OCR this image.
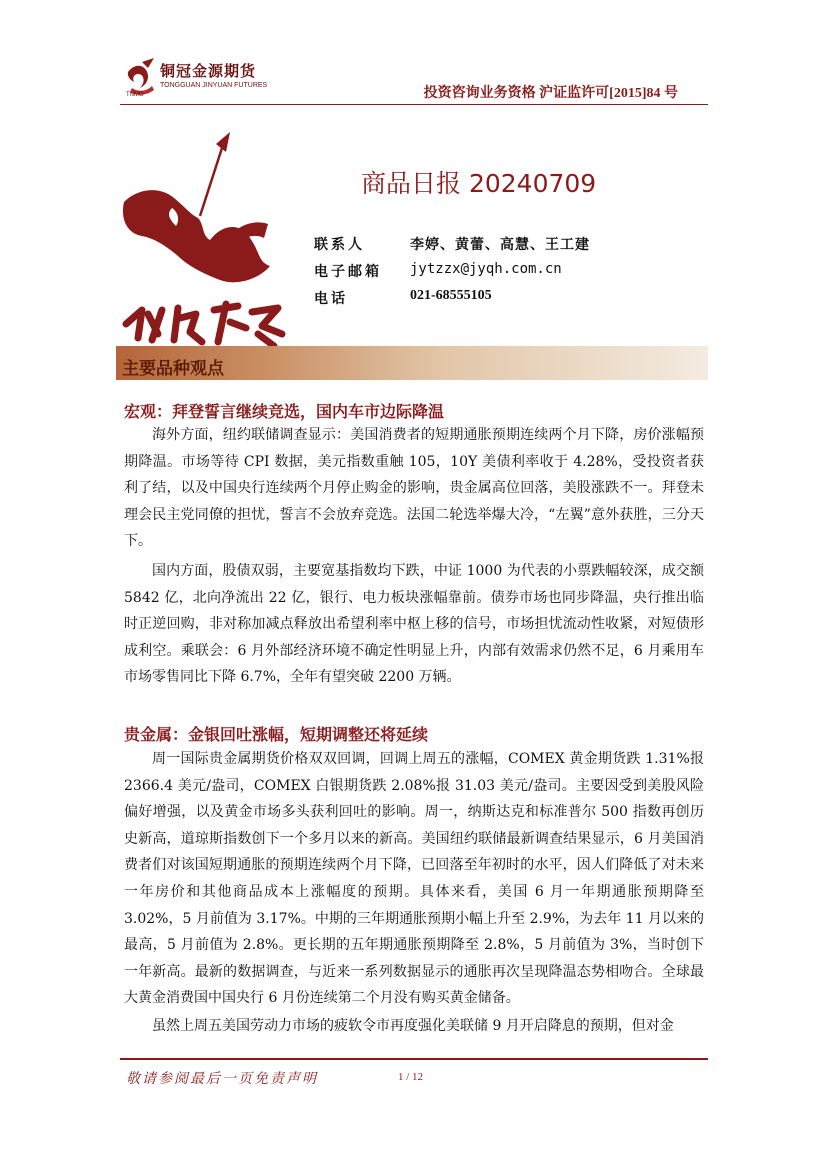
铜冠金源期货
TONGGUAN JINYUAN FUTURES
TNMG	投资咨询业务资格 沪证监许可[2015]84 号
商品日报 20240709
联系人	李婷、黄蕾、高慧、王工建
电子邮箱 jytzzx@jyqh.com.cn
电话	021-68555105
主要品种观点
宏观：拜登誓言继续竞选，国内车市边际降温

海外方面，纽约联储调查显示：美国消费者的短期通胀预期连续两个月下降，房价涨幅预期降温。市场等待 CPI 数据，美元指数重触 105，10Y 美债利率收于 4.28%，受投资者获利了结，以及中国央行连续两个月停止购金的影响，贵金属高位回落，美股涨跌不一。拜登未理会民主党同僚的担忧，誓言不会放弃竞选。法国二轮选举爆大冷，“左翼”意外获胜，三分天下。

国内方面，股债双弱，主要宽基指数均下跌，中证 1000 为代表的小票跌幅较深，成交额 5842 亿，北向净流出 22 亿，银行、电力板块涨幅靠前。债券市场也同步降温，央行推出临时正逆回购，非对称加减点释放出希望利率中枢上移的信号，市场担忧流动性收紧，对短债形成利空。乘联会：6 月外部经济环境不确定性明显上升，内部有效需求仍然不足，6 月乘用车市场零售同比下降 6.7%，全年有望突破 2200 万辆。

贵金属：金银回吐涨幅，短期调整还将延续

周一国际贵金属期货价格双双回调，回调上周五的涨幅，COMEX 黄金期货跌 1.31%报 2366.4 美元/盎司，COMEX 白银期货跌 2.08%报 31.03 美元/盎司。主要因受到美股风险偏好增强，以及黄金市场多头获利回吐的影响。周一，纳斯达克和标准普尔 500 指数再创历史新高，道琼斯指数创下一个多月以来的新高。美国纽约联储最新调查结果显示，6 月美国消费者们对该国短期通胀的预期连续两个月下降，已回落至年初时的水平，因人们降低了对未来一年房价和其他商品成本上涨幅度的预期。具体来看，美国 6 月一年期通胀预期降至 3.02%，5 月前值为 3.17%。中期的三年期通胀预期小幅上升至 2.9%，为去年 11 月以来的最高，5 月前值为 2.8%。更长期的五年期通胀预期降至 2.8%，5 月前值为 3%，当时创下一年新高。最新的数据调查，与近来一系列数据显示的通胀再次呈现降温态势相吻合。全球最大黄金消费国中国央行 6 月份连续第二个月没有购买黄金储备。

虽然上周五美国劳动力市场的疲软令市再度强化美联储 9 月开启降息的预期，但对金

敬请参阅最后一页免责声明	1 / 12
